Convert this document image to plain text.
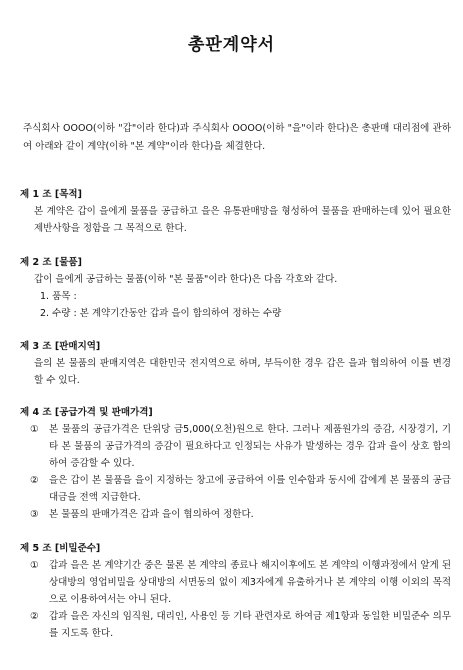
총판계약서
주식회사 OOOO(이하 "갑"이라 한다)과 주식회사 OOOO(이하 "을"이라 한다)은 총판매 대리점에 관하여 아래와 같이 계약(이하 "본 계약"이라 한다)을 체결한다.
제 1 조 [목적]
본 계약은 갑이 을에게 물품을 공급하고 을은 유통판매망을 형성하여 물품을 판매하는데 있어 필요한 제반사항을 정함을 그 목적으로 한다.
제 2 조 [물품]
갑이 을에게 공급하는 물품(이하 "본 물품"이라 한다)은 다음 각호와 같다.
1. 품목 :
2. 수량 : 본 계약기간동안 갑과 을이 합의하여 정하는 수량
제 3 조 [판매지역]
을의 본 물품의 판매지역은 대한민국 전지역으로 하며, 부득이한 경우 갑은 을과 협의하여 이를 변경할 수 있다.
제 4 조 [공급가격 및 판매가격]
①	본 물품의 공급가격은 단위당 금5,000(오천)원으로 한다. 그러나 제품원가의 증감, 시장경기, 기타 본 물품의 공급가격의 증감이 필요하다고 인정되는 사유가 발생하는 경우 갑과 을이 상호 합의하여 증감할 수 있다.
②	을은 갑이 본 물품을 을이 지정하는 창고에 공급하여 이를 인수함과 동시에 갑에게 본 물품의 공급대금을 전액 지급한다.
③	본 물품의 판매가격은 갑과 을이 협의하여 정한다.
제 5 조 [비밀준수]
①	갑과 을은 본 계약기간 중은 물론 본 계약의 종료나 해지이후에도 본 계약의 이행과정에서 알게 된 상대방의 영업비밀을 상대방의 서면동의 없이 제3자에게 유출하거나 본 계약의 이행 이외의 목적으로 이용하여서는 아니 된다.
②	갑과 을은 자신의 임직원, 대리인, 사용인 등 기타 관련자로 하여금 제1항과 동일한 비밀준수 의무를 지도록 한다.
